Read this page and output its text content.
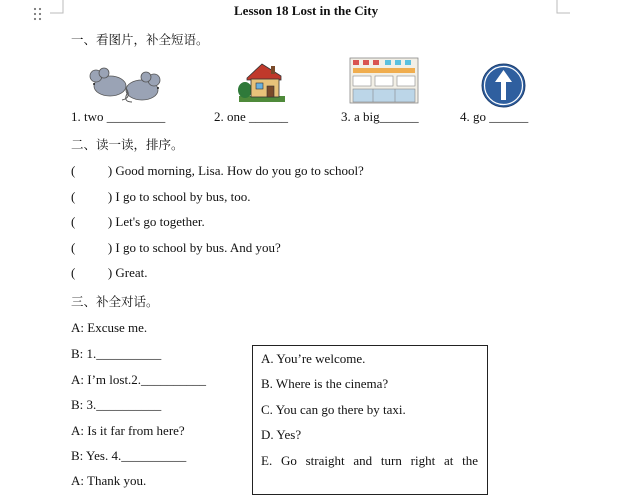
Lesson 18 Lost in the City
一、看图片，补全短语。
1. two _________	2. one ______	3. a big______	4. go ______
二、读一读，排序。
(          ) Good morning, Lisa. How do you go to school?
(          ) I go to school by bus, too.
(          ) Let's go together.
(          ) I go to school by bus. And you?
(          ) Great.
三、补全对话。
A: Excuse me.
B: 1.__________
A: I’m lost.2.__________
B: 3.__________
A: Is it far from here?
B: Yes. 4.__________
A: Thank you.
A. You’re welcome.
B. Where is the cinema?
C. You can go there by taxi.
D. Yes?
E. Go straight and turn right at the
